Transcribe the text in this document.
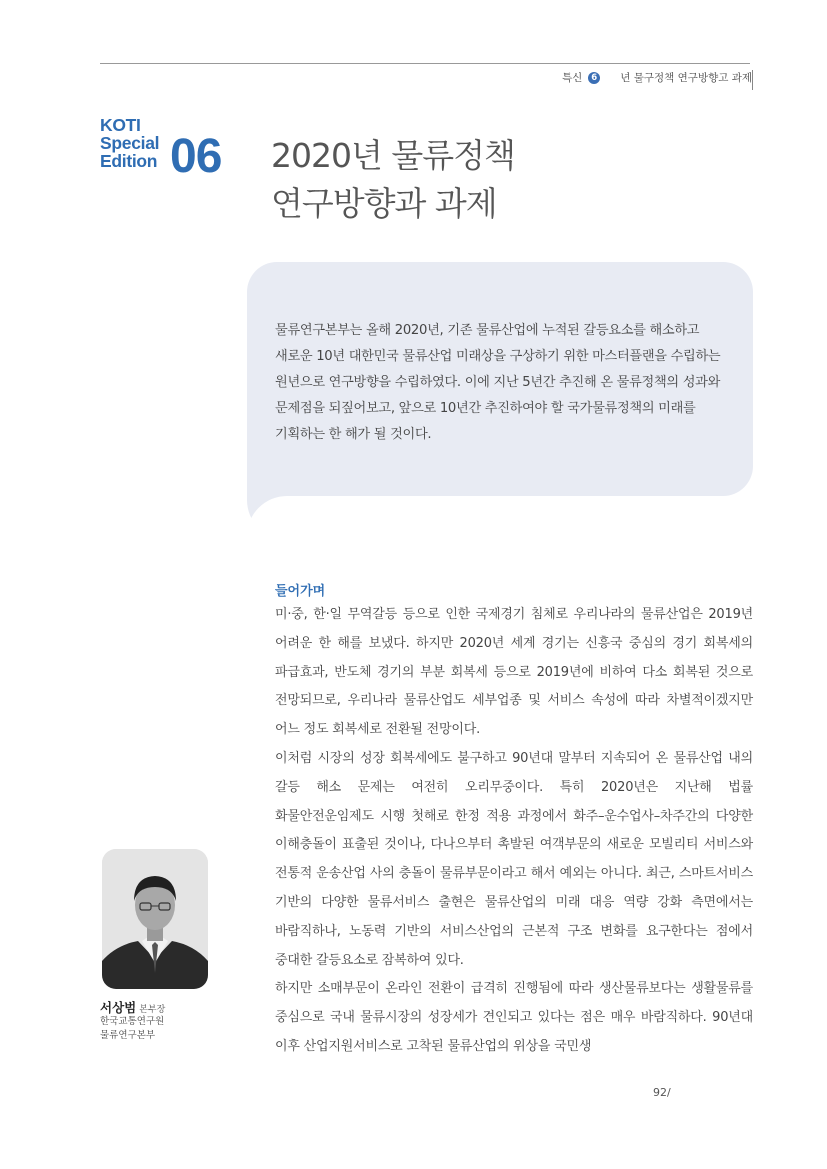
특신	6 년 물구정책 연구방향고 과제
KOTI
Special
Edition 06 2020년 물류정책
연구방향과 과제
물류연구본부는 올해 2020년, 기존 물류산업에 누적된 갈등요소를 해소하고 새로운 10년 대한민국 물류산업 미래상을 구상하기 위한 마스터플랜을 수립하는 원년으로 연구방향을 수립하였다. 이에 지난 5년간 추진해 온 물류정책의 성과와 문제점을 되짚어보고, 앞으로 10년간 추진하여야 할 국가물류정책의 미래를 기획하는 한 해가 될 것이다.
들어가며

미·중, 한·일 무역갈등 등으로 인한 국제경기 침체로 우리나라의 물류산업은 2019년 어려운 한 해를 보냈다. 하지만 2020년 세계 경기는 신흥국 중심의 경기 회복세의 파급효과, 반도체 경기의 부분 회복세 등으로 2019년에 비하여 다소 회복된 것으로 전망되므로, 우리나라 물류산업도 세부업종 및 서비스 속성에 따라 차별적이겠지만 어느 정도 회복세로 전환될 전망이다.

이처럼 시장의 성장 회복세에도 불구하고 90년대 말부터 지속되어 온 물류산업 내의 갈등 해소 문제는 여전히 오리무중이다. 특히 2020년은 지난해 법률 화물안전운임제도 시행 첫해로 한정 적용 과정에서 화주–운수업사–차주간의 다양한 이해충돌이 표출된 것이나, 다나으부터 촉발된 여객부문의 새로운 모빌리티 서비스와 전통적 운송산업 사의 충돌이 물류부문이라고 해서 예외는 아니다. 최근, 스마트서비스 기반의 다양한 물류서비스 출현은 물류산업의 미래 대응 역량 강화 측면에서는 바람직하나, 노동력 기반의 서비스산업의 근본적 구조 변화를 요구한다는 점에서 중대한 갈등요소로 잠복하여 있다.

하지만 소매부문이 온라인 전환이 급격히 진행됨에 따라 생산물류보다는 생활물류를 중심으로 국내 물류시장의 성장세가 견인되고 있다는 점은 매우 바람직하다. 90년대 이후 산업지원서비스로 고착된 물류산업의 위상을 국민생

서상범 본부장
한국교통연구원
물류연구본부
92/
